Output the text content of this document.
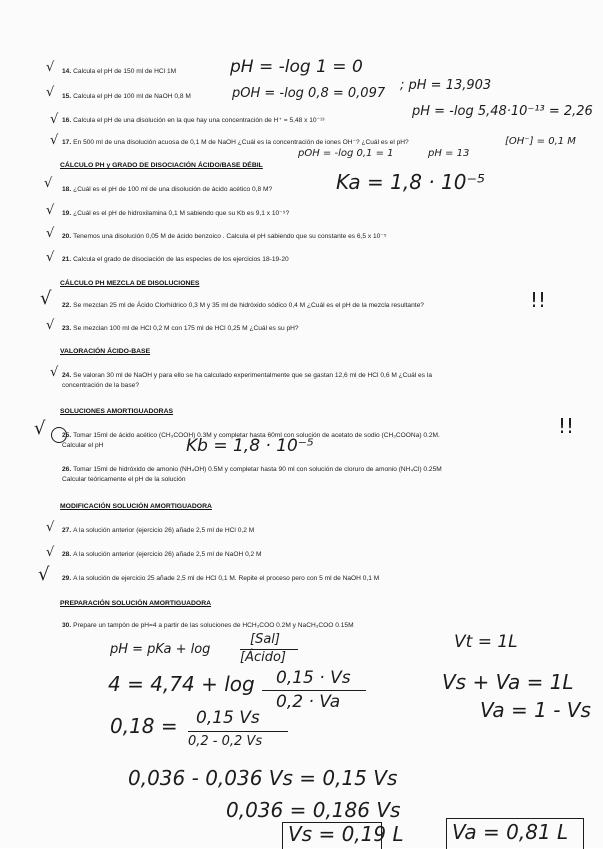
√ 14. Calcula el pH de 150 ml de HCl 1M	pH = -log 1 = 0
√ 15. Calcula el pH de 100 ml de NaOH 0,8 M	pOH = -log 0,8 = 0,097
; pH = 13,903
√ 16. Calcula el pH de una disolución en la que hay una concentración de H⁺ = 5,48 x 10⁻¹³
pH = -log 5,48·10⁻¹³ = 2,26
√ 17. En 500 ml de una disolución acuosa de 0,1 M de NaOH ¿Cuál es la concentración de iones OH⁻? ¿Cuál es el pH?
pOH = -log 0,1 = 1	pH = 13
[OH⁻] = 0,1 M
CÁLCULO PH y GRADO DE DISOCIACIÓN ÁCIDO/BASE DÉBIL
√ 18. ¿Cuál es el pH de 100 ml de una disolución de ácido acético 0,8 M?	Ka = 1,8 · 10⁻⁵
√ 19. ¿Cuál es el pH de hidroxilamina 0,1 M sabiendo que su Kb es 9,1 x 10⁻⁹?
√ 20. Tenemos una disolución 0,05 M de ácido benzoico . Calcula el pH sabiendo que su constante es 6,5 x 10⁻⁵
√ 21. Calcula el grado de disociación de las especies de los ejercicios 18-19-20
CÁLCULO PH MEZCLA DE DISOLUCIONES
√ 22. Se mezclan 25 ml de Ácido Clorhídrico 0,3 M y 35 ml de hidróxido sódico 0,4 M ¿Cuál es el pH de la mezcla resultante?	!!
√ 23. Se mezclan 100 ml de HCl 0,2 M con 175 ml de HCl 0,25 M ¿Cuál es su pH?
VALORACIÓN ÁCIDO-BASE
√ 24. Se valoran 30 ml de NaOH y para ello se ha calculado experimentalmente que se gastan 12,6 ml de HCl 0,6 M ¿Cuál es la
concentración de la base?
SOLUCIONES AMORTIGUADORAS
√	25. Tomar 15ml de ácido acético (CH₃COOH) 0.3M y completar hasta 60ml con solución de acetato de sodio (CH₃COONa) 0.2M.
Calcular el pH
!!
Kb = 1,8 · 10⁻⁵
26. Tomar 15ml de hidróxido de amonio (NH₄OH) 0.5M y completar hasta 90 ml con solución de cloruro de amonio (NH₄Cl) 0.25M
Calcular teóricamente el pH de la solución
MODIFICACIÓN SOLUCIÓN AMORTIGUADORA
√ 27. A la solución anterior (ejercicio 26) añade 2,5 ml de HCl 0,2 M
√ 28. A la solución anterior (ejercicio 26) añade 2,5 ml de NaOH 0,2 M
√ 29. A la solución de ejercicio 25 añade 2,5 ml de HCl 0,1 M. Repite el proceso pero con 5 ml de NaOH 0,1 M
PREPARACIÓN SOLUCIÓN AMORTIGUADORA
30. Prepare un tampón de pH=4 a partir de las soluciones de HCH₃COO 0.2M y NaCH₃COO 0.15M
pH = pKa + log
[Sal]
[Ácido]
Vt = 1L
4 = 4,74 + log 0,15 · Vs
0,2 · Va
Vs + Va = 1L
Va = 1 - Vs
0,18 = 0,15 Vs
0,2 - 0,2 Vs
0,036 - 0,036 Vs = 0,15 Vs
0,036 = 0,186 Vs
Vs = 0,19 L Va = 0,81 L
